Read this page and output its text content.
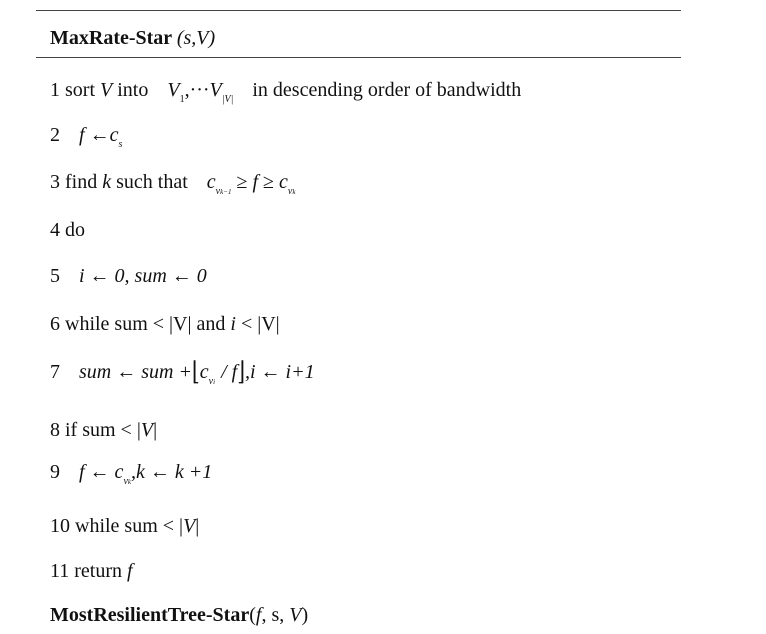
MaxRate-Star (s,V)
1 sort V into $V_1,\cdot\cdot\cdot V_{|V|}$ in descending order of bandwidth
2 f $\leftarrow c_s$
3 find k such that $c_{vk-1} \ge f \ge c_{vk}$
4 do
5 i ← 0, sum ← 0
6 while sum < |V| and i < |V|
7 sum ← sum $+⌊c_{vi}$ / f⌋,i ← i+1
8 if sum < |V|
9 f ← $c_{vk},k$ ← k +1
10 while sum < |V|
11 return f
MostResilientTree-Star(f, s, V)
